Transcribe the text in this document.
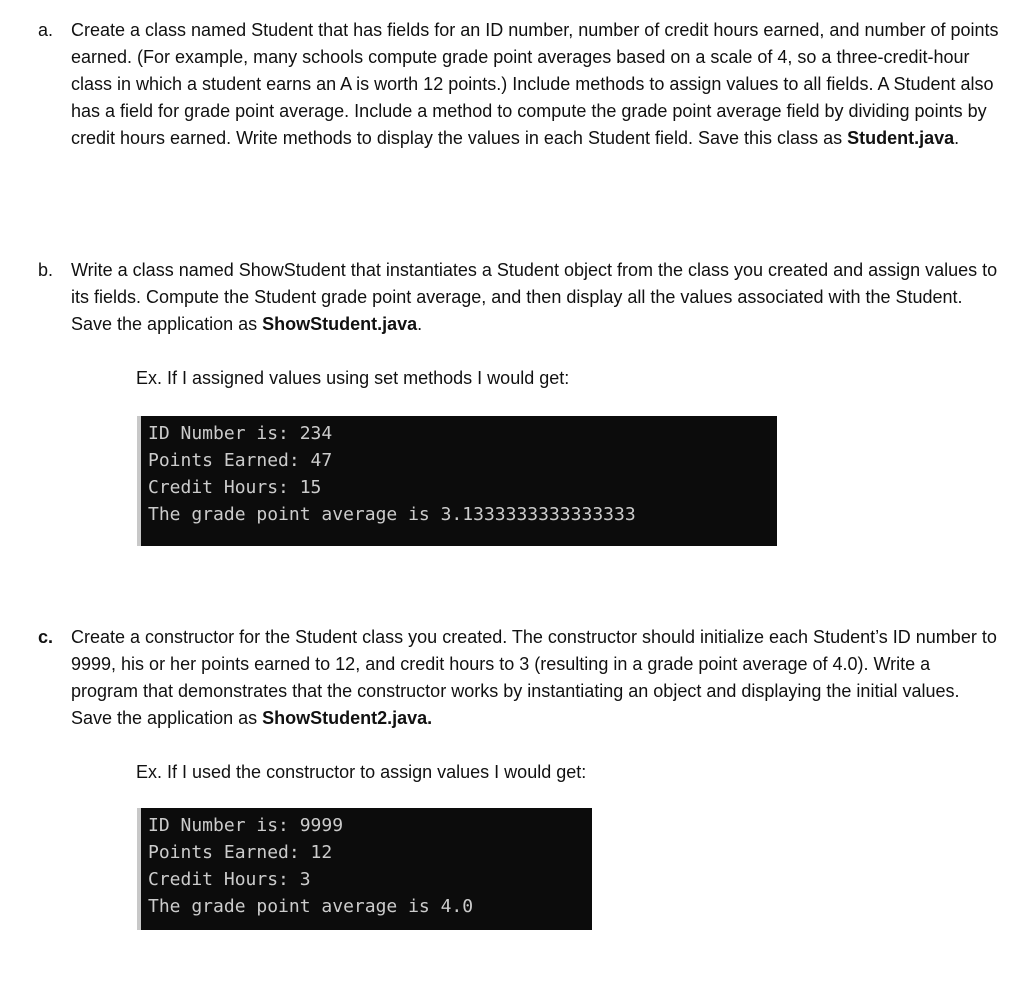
a. Create a class named Student that has fields for an ID number, number of credit hours earned, and number of points earned. (For example, many schools compute grade point averages based on a scale of 4, so a three-credit-hour class in which a student earns an A is worth 12 points.) Include methods to assign values to all fields. A Student also has a field for grade point average. Include a method to compute the grade point average field by dividing points by credit hours earned. Write methods to display the values in each Student field. Save this class as Student.java.

b. Write a class named ShowStudent that instantiates a Student object from the class you created and assign values to its fields. Compute the Student grade point average, and then display all the values associated with the Student. Save the application as ShowStudent.java.

Ex. If I assigned values using set methods I would get:

ID Number is: 234
Points Earned: 47
Credit Hours: 15
The grade point average is 3.1333333333333333
c. Create a constructor for the Student class you created. The constructor should initialize each Student’s ID number to 9999, his or her points earned to 12, and credit hours to 3 (resulting in a grade point average of 4.0). Write a program that demonstrates that the constructor works by instantiating an object and displaying the initial values. Save the application as ShowStudent2.java.

Ex. If I used the constructor to assign values I would get:

ID Number is: 9999
Points Earned: 12
Credit Hours: 3
The grade point average is 4.0
